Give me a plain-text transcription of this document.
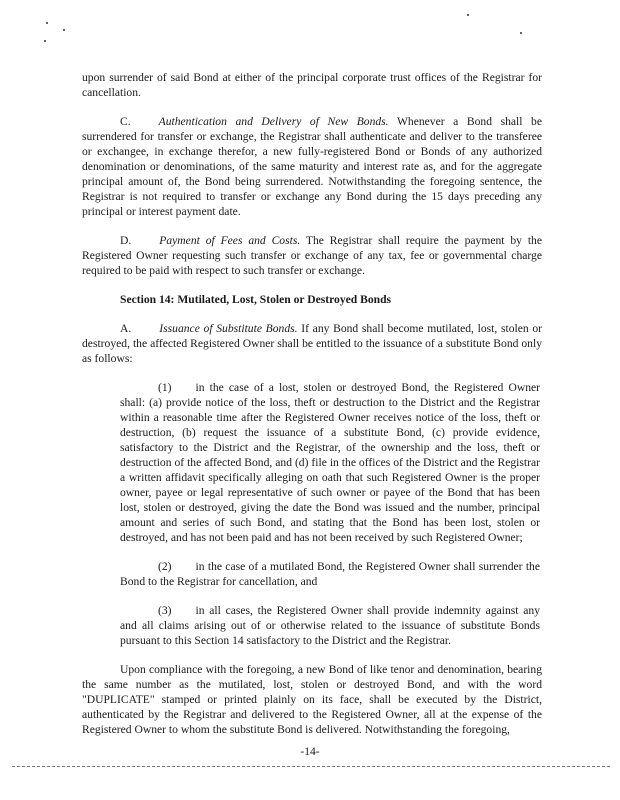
upon surrender of said Bond at either of the principal corporate trust offices of the Registrar for cancellation.

C. Authentication and Delivery of New Bonds. Whenever a Bond shall be surrendered for transfer or exchange, the Registrar shall authenticate and deliver to the transferee or exchangee, in exchange therefor, a new fully-registered Bond or Bonds of any authorized denomination or denominations, of the same maturity and interest rate as, and for the aggregate principal amount of, the Bond being surrendered. Notwithstanding the foregoing sentence, the Registrar is not required to transfer or exchange any Bond during the 15 days preceding any principal or interest payment date.

D. Payment of Fees and Costs. The Registrar shall require the payment by the Registered Owner requesting such transfer or exchange of any tax, fee or governmental charge required to be paid with respect to such transfer or exchange.

Section 14: Mutilated, Lost, Stolen or Destroyed Bonds

A. Issuance of Substitute Bonds. If any Bond shall become mutilated, lost, stolen or destroyed, the affected Registered Owner shall be entitled to the issuance of a substitute Bond only as follows:

(1) in the case of a lost, stolen or destroyed Bond, the Registered Owner shall: (a) provide notice of the loss, theft or destruction to the District and the Registrar within a reasonable time after the Registered Owner receives notice of the loss, theft or destruction, (b) request the issuance of a substitute Bond, (c) provide evidence, satisfactory to the District and the Registrar, of the ownership and the loss, theft or destruction of the affected Bond, and (d) file in the offices of the District and the Registrar a written affidavit specifically alleging on oath that such Registered Owner is the proper owner, payee or legal representative of such owner or payee of the Bond that has been lost, stolen or destroyed, giving the date the Bond was issued and the number, principal amount and series of such Bond, and stating that the Bond has been lost, stolen or destroyed, and has not been paid and has not been received by such Registered Owner;

(2) in the case of a mutilated Bond, the Registered Owner shall surrender the Bond to the Registrar for cancellation, and

(3) in all cases, the Registered Owner shall provide indemnity against any and all claims arising out of or otherwise related to the issuance of substitute Bonds pursuant to this Section 14 satisfactory to the District and the Registrar.

Upon compliance with the foregoing, a new Bond of like tenor and denomination, bearing the same number as the mutilated, lost, stolen or destroyed Bond, and with the word "DUPLICATE" stamped or printed plainly on its face, shall be executed by the District, authenticated by the Registrar and delivered to the Registered Owner, all at the expense of the Registered Owner to whom the substitute Bond is delivered. Notwithstanding the foregoing,

-14-
